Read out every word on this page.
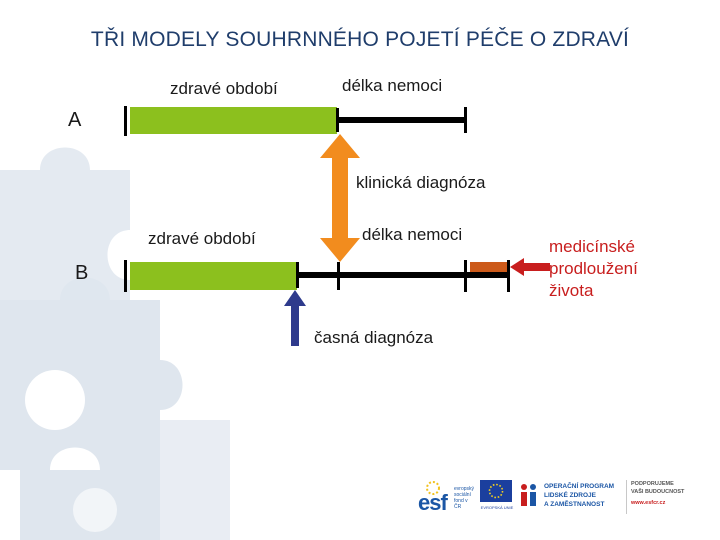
TŘI MODELY SOUHRNNÉHO POJETÍ PÉČE O ZDRAVÍ
A
zdravé období	délka nemoci
klinická diagnóza
B
zdravé období	délka nemoci
časná diagnóza
medicínské
prodloužení
života
esf
evropský
sociální
fond v ČR	EVROPSKÁ UNIE
OPERAČNÍ PROGRAM
LIDSKÉ ZDROJE
A ZAMĚSTNANOST
PODPORUJEME
VAŠI BUDOUCNOST
www.esfcr.cz
